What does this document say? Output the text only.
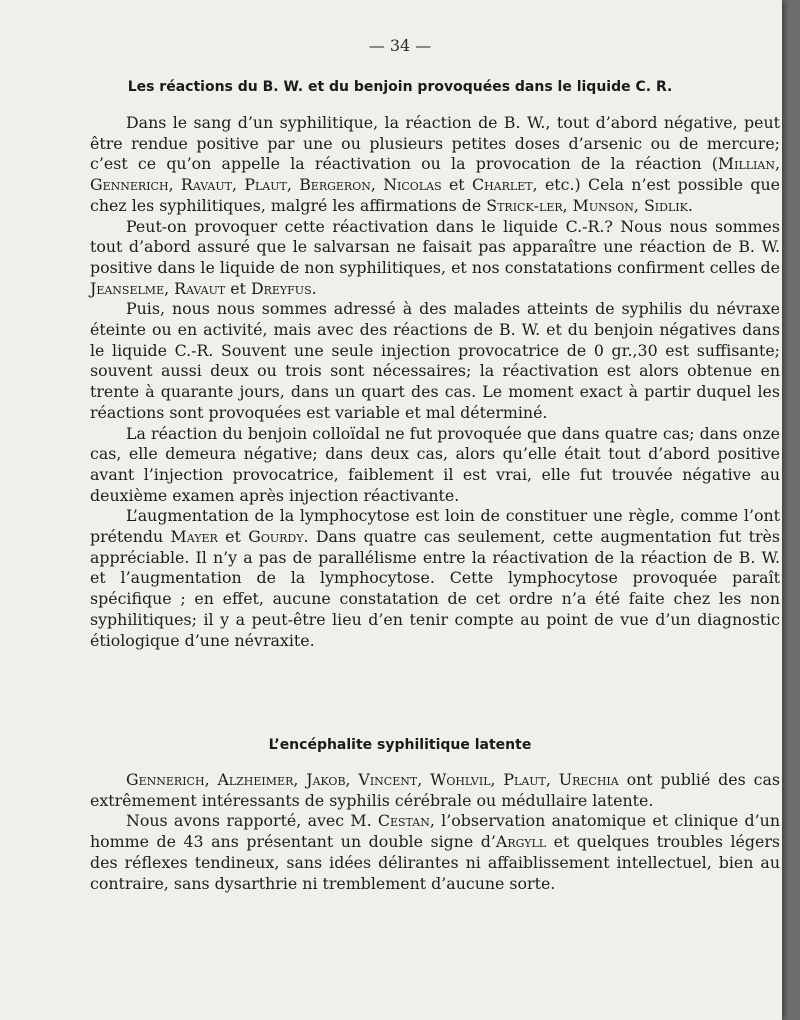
— 34 —
Les réactions du B. W. et du benjoin provoquées dans le liquide C. R.

Dans le sang d’un syphilitique, la réaction de B. W., tout d’abord négative, peut être rendue positive par une ou plusieurs petites doses d’arsenic ou de mercure; c’est ce qu’on appelle la réactivation ou la provocation de la réaction (Millian, Gennerich, Ravaut, Plaut, Bergeron, Nicolas et Charlet, etc.) Cela n’est possible que chez les syphilitiques, malgré les affirmations de Strick-ler, Munson, Sidlik.

Peut-on provoquer cette réactivation dans le liquide C.-R.? Nous nous sommes tout d’abord assuré que le salvarsan ne faisait pas apparaître une réaction de B. W. positive dans le liquide de non syphilitiques, et nos constatations confirment celles de Jeanselme, Ravaut et Dreyfus.

Puis, nous nous sommes adressé à des malades atteints de syphilis du névraxe éteinte ou en activité, mais avec des réactions de B. W. et du benjoin négatives dans le liquide C.-R. Souvent une seule injection provocatrice de 0 gr.,30 est suffisante; souvent aussi deux ou trois sont nécessaires; la réactivation est alors obtenue en trente à quarante jours, dans un quart des cas. Le moment exact à partir duquel les réactions sont provoquées est variable et mal déterminé.

La réaction du benjoin colloïdal ne fut provoquée que dans quatre cas; dans onze cas, elle demeura négative; dans deux cas, alors qu’elle était tout d’abord positive avant l’injection provocatrice, faiblement il est vrai, elle fut trouvée négative au deuxième examen après injection réactivante.

L’augmentation de la lymphocytose est loin de constituer une règle, comme l’ont prétendu Mayer et Gourdy. Dans quatre cas seulement, cette augmentation fut très appréciable. Il n’y a pas de parallélisme entre la réactivation de la réaction de B. W. et l’augmentation de la lymphocytose. Cette lymphocytose provoquée paraît spécifique ; en effet, aucune constatation de cet ordre n’a été faite chez les non syphilitiques; il y a peut-être lieu d’en tenir compte au point de vue d’un diagnostic étiologique d’une névraxite.

L’encéphalite syphilitique latente

Gennerich, Alzheimer, Jakob, Vincent, Wohlvil, Plaut, Urechia ont publié des cas extrêmement intéressants de syphilis cérébrale ou médullaire latente.

Nous avons rapporté, avec M. Cestan, l’observation anatomique et clinique d’un homme de 43 ans présentant un double signe d’Argyll et quelques troubles légers des réflexes tendineux, sans idées délirantes ni affaiblissement intellectuel, bien au contraire, sans dysarthrie ni tremblement d’aucune sorte.
